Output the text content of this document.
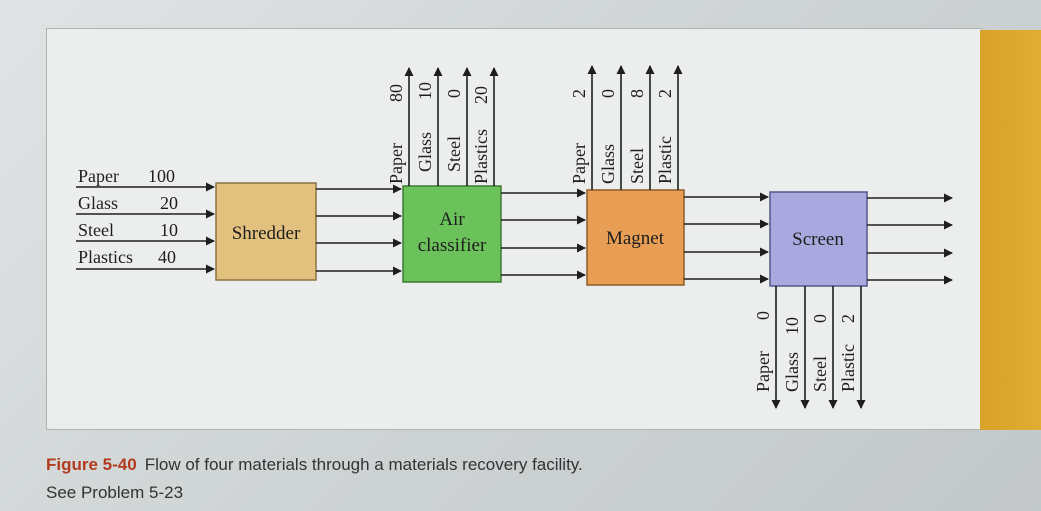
Paper 100
Glass 20
Steel	10
Plastics 40
Shredder
Air
classifier
Paper
80
Glass
10
Steel
0
Plastics
20
Magnet
Paper
2
Glass
0
Steel
8
Plastic
2
Screen
Paper
0
Glass
10
Steel
0
Plastic
2
Figure 5-40 Flow of four materials through a materials recovery facility.
See Problem 5-23
